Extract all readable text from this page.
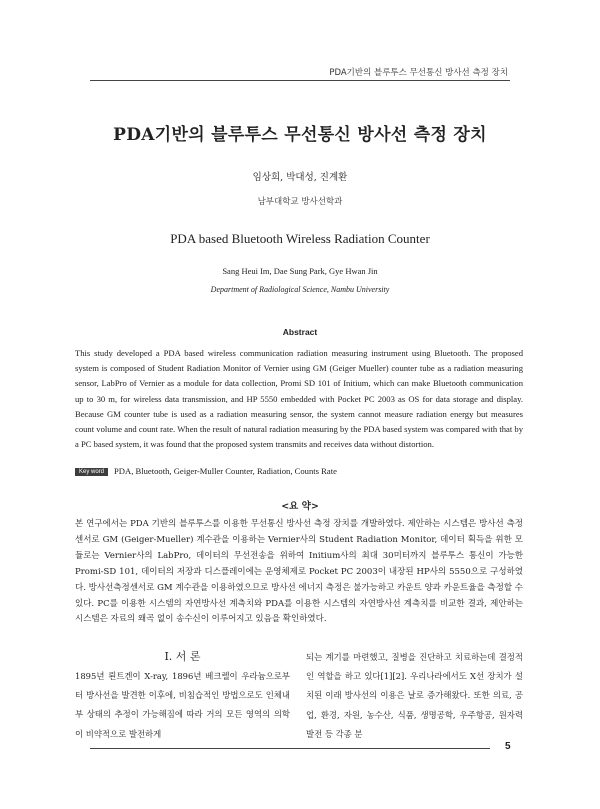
PDA기반의 블루투스 무선통신 방사선 측정 장치
PDA기반의 블루투스 무선통신 방사선 측정 장치
임상희, 박대성, 진계환
남부대학교 방사선학과
PDA based Bluetooth Wireless Radiation Counter
Sang Heui Im, Dae Sung Park, Gye Hwan Jin
Department of Radiological Science, Nambu University
Abstract
This study developed a PDA based wireless communication radiation measuring instrument using Bluetooth. The proposed system is composed of Student Radiation Monitor of Vernier using GM (Geiger Mueller) counter tube as a radiation measuring sensor, LabPro of Vernier as a module for data collection, Promi SD 101 of Initium, which can make Bluetooth communication up to 30 m, for wireless data transmission, and HP 5550 embedded with Pocket PC 2003 as OS for data storage and display. Because GM counter tube is used as a radiation measuring sensor, the system cannot measure radiation energy but measures count volume and count rate. When the result of natural radiation measuring by the PDA based system was compared with that by a PC based system, it was found that the proposed system transmits and receives data without distortion.
Key word PDA, Bluetooth, Geiger-Muller Counter, Radiation, Counts Rate
<요 약>
본 연구에서는 PDA 기반의 블루투스를 이용한 무선통신 방사선 측정 장치를 개발하였다. 제안하는 시스템은 방사선 측정 센서로 GM (Geiger-Mueller) 계수관을 이용하는 Vernier사의 Student Radiation Monitor, 데이터 획득을 위한 모듈로는 Vernier사의 LabPro, 데이터의 무선전송을 위하여 Initium사의 최대 30미터까지 블루투스 통신이 가능한 Promi-SD 101, 데이터의 저장과 디스플레이에는 운영체제로 Pocket PC 2003이 내장된 HP사의 5550으로 구성하였다. 방사선측정센서로 GM 계수관을 이용하였으므로 방사선 에너지 측정은 불가능하고 카운트 양과 카운트율을 측정할 수 있다. PC를 이용한 시스템의 자연방사선 계측치와 PDA를 이용한 시스템의 자연방사선 계측치를 비교한 결과, 제안하는 시스템은 자료의 왜곡 없이 송수신이 이루어지고 있음을 확인하였다.
Ⅰ. 서 론
1895년 뢴트겐이 X-ray, 1896년 베크렐이 우라늄으로부터 방사선을 발견한 이후에, 비침습적인 방법으로도 인체내부 상태의 추정이 가능해짐에 따라 거의 모든 영역의 의학이 비약적으로 발전하게
되는 계기를 마련했고, 질병을 진단하고 치료하는데 결정적인 역할을 하고 있다[1][2]. 우리나라에서도 X선 장치가 설치된 이래 방사선의 이용은 날로 증가해왔다. 또한 의료, 공업, 환경, 자원, 농수산, 식품, 생명공학, 우주항공, 원자력 발전 등 각종 분
5
